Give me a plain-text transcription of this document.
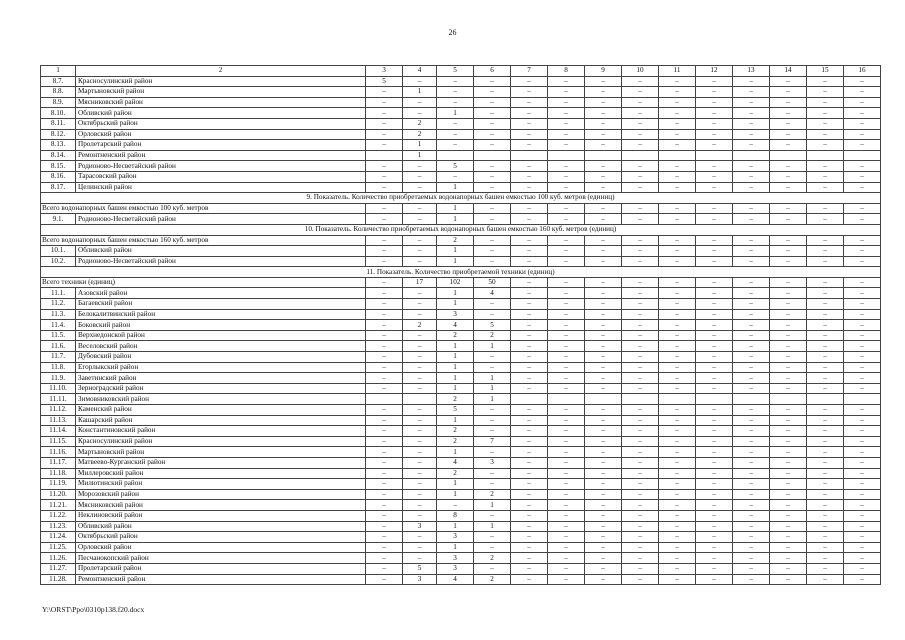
26
1	2	3	4	5	6	7	8	9	10	11	12	13	14	15	16
8.7.	Красносулинский район	5	–	–	–	–	–	–	–	–	–	–	–	–	–
8.8.	Мартыновский район	–	1	–	–	–	–	–	–	–	–	–	–	–	–
8.9.	Мясниковский район	–	–	–	–	–	–	–	–	–	–	–	–	–	–
8.10.	Обливский район	–	–	1	–	–	–	–	–	–	–	–	–	–	–
8.11.	Октябрьский район	–	2	–	–	–	–	–	–	–	–	–	–	–	–
8.12.	Орловский район	–	2	–	–	–	–	–	–	–	–	–	–	–	–
8.13.	Пролетарский район	–	1	–	–	–	–	–	–	–	–	–	–	–	–
8.14.	Ремонтненский район		1												
8.15.	Родионово-Несветайский район	–	–	5	–	–	–	–	–	–	–	–	–	–	–
8.16.	Тарасовский район	–	–	–	–	–	–	–	–	–	–	–	–	–	–
8.17.	Целинский район	–	–	1	–	–	–	–	–	–	–	–	–	–	–
9. Показатель. Количество приобретаемых водонапорных башен емкостью 100 куб. метров (единиц)															
Всего водонапорных башен емкостью 100 куб. метров		–	–	1	–	–	–	–	–	–	–	–	–	–	–
9.1.	Родионово-Несветайский район	–	–	1	–	–	–	–	–	–	–	–	–	–	–
10. Показатель. Количество приобретаемых водонапорных башен емкостью 160 куб. метров (единиц)															
Всего водонапорных башен емкостью 160 куб. метров		–	–	2	–	–	–	–	–	–	–	–	–	–	–
10.1.	Обливский район	–	–	1	–	–	–	–	–	–	–	–	–	–	–
10.2.	Родионово-Несветайский район	–	–	1	–	–	–	–	–	–	–	–	–	–	–
11. Показатель. Количество приобретаемой техники (единиц)															
Всего техники (единиц)		–	17	102	50	–	–	–	–	–	–	–	–	–	–
11.1.	Азовский район	–	–	1	4	–	–	–	–	–	–	–	–	–	–
11.2.	Багаевский район	–	–	1	–	–	–	–	–	–	–	–	–	–	–
11.3.	Белокалитвинский район	–	–	3	–	–	–	–	–	–	–	–	–	–	–
11.4.	Боковский район	–	2	4	5	–	–	–	–	–	–	–	–	–	–
11.5.	Верхнедонской район	–	–	2	2	–	–	–	–	–	–	–	–	–	–
11.6.	Веселовский район	–	–	1	1	–	–	–	–	–	–	–	–	–	–
11.7.	Дубовский район	–	–	1	–	–	–	–	–	–	–	–	–	–	–
11.8.	Егорлыкский район	–	–	1	–	–	–	–	–	–	–	–	–	–	–
11.9.	Заветинский район	–	–	1	1	–	–	–	–	–	–	–	–	–	–
11.10.	Зерноградский район	–	–	1	1	–	–	–	–	–	–	–	–	–	–
11.11.	Зимовниковский район			2	1										
11.12.	Каменский район	–	–	5	–	–	–	–	–	–	–	–	–	–	–
11.13.	Кашарский район	–	–	1	–	–	–	–	–	–	–	–	–	–	–
11.14.	Константиновский район	–	–	2	–	–	–	–	–	–	–	–	–	–	–
11.15.	Красносулинский район	–	–	2	7	–	–	–	–	–	–	–	–	–	–
11.16.	Мартыновский район	–	–	1	–	–	–	–	–	–	–	–	–	–	–
11.17.	Матвеево-Курганский район	–	–	4	3	–	–	–	–	–	–	–	–	–	–
11.18.	Миллеровский район	–	–	2	–	–	–	–	–	–	–	–	–	–	–
11.19.	Милютинский район	–	–	1	–	–	–	–	–	–	–	–	–	–	–
11.20.	Морозовский район	–	–	1	2	–	–	–	–	–	–	–	–	–	–
11.21.	Мясниковский район	–	–	–	1	–	–	–	–	–	–	–	–	–	–
11.22.	Неклиновский район	–	–	8	–	–	–	–	–	–	–	–	–	–	–
11.23.	Обливский район	–	3	1	1	–	–	–	–	–	–	–	–	–	–
11.24.	Октябрьский район	–	–	3	–	–	–	–	–	–	–	–	–	–	–
11.25.	Орловский район	–	–	1	–	–	–	–	–	–	–	–	–	–	–
11.26.	Песчанокопский район	–	–	3	2	–	–	–	–	–	–	–	–	–	–
11.27.	Пролетарский район	–	5	3	–	–	–	–	–	–	–	–	–	–	–
11.28.	Ремонтненский район	–	3	4	2	–	–	–	–	–	–	–	–	–	–
Y:\ORST\Ppo\0310p138.f20.docx
